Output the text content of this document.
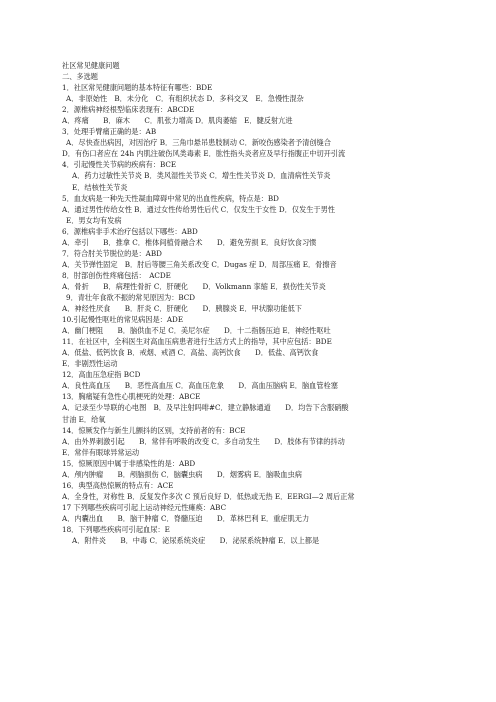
社区常见健康问题
二、多选题
1．社区常见健康问题的基本特征有哪些：BDE
A．非原始性　B．未分化　C．有组织状态 D．多科交叉　E．急慢性混杂
2．源椎病神经根型临床表现有：ABCDE
A．疼痛　　B．麻木　　C．肌张力增高 D．肌肉萎缩　E．腱反射亢进
3．处理手臂痛正确的是：AB
A．尽快查出病因，对因治疗 B．三角巾悬吊患肢制动 C．新咬伤感染者予清创缝合
D．有伤口者应在 24h 内肌注破伤风类毒素 E．肱性指头炎者应及早行指腹正中切开引流
4．引起慢性关节病的疾病有：BCE
A．药力过敏性关节炎 B．类风湿性关节炎 C．增生性关节炎 D．血清病性关节炎
E．结核性关节炎
5．血友病是一种先天性凝血障碍中常见的出血性疾病，特点是：BD
A．通过男性传给女性 B．通过女性传给男性后代 C．仅发生于女性 D．仅发生于男性
E．男女均有发病
6．源椎病非手术治疗包括以下哪些：ABD
A．牵引　　B．推拿 C．椎体间植骨融合术　　D．避免劳损 E．良好饮食习惯
7．符合肘关节脱位的是：ABD
A．关节弹性固定　B．肘后等腰三角关系改变 C．Dugas 症 D．局部压痛 E．骨擦音
8．肘部创伤性疼痛包括：　ACDE
A．骨折　　B．病理性骨折 C．肝硬化　　D．Volkmann 挛缩 E．损伤性关节炎
9．青壮年食欲不振的常见原因为：BCD
A．神经性厌食　　B．肝炎 C．肝硬化　　D．胰腺炎 E．甲状腺功能低下
10.引起慢性呕吐的常见病因是：ADE
A．幽门梗阻　　B．脑供血不足 C．美尼尔症　　D．十二指肠压迫 E．神经性呕吐
11．在社区中，全科医生对高血压病患者进行生活方式上的指导，其中应包括：BDE
A．低盐、低钙饮食 B．戒烟、戒酒 C．高盐、高钙饮食　　D．低盐、高钙饮食
E．非剧烈性运动
12．高血压急症指 BCD
A．良性高血压　　B．恶性高血压 C．高血压危象　　D．高血压脑病 E．脑血管栓塞
13．胸痛疑有急性心肌梗死的处理：ABCE
A．记录至少导联的心电图　B．及早注射吗啡#C．建立静脉通道　　D．均告下含服硝酸
甘油 E．给氧
14．惊厥发作与新生儿颤抖的区别，支持前者的有：BCE
A．由外界刺激引起　　B．常伴有呼吸的改变 C．多自动发生　　D．肢体有节律的抖动
E．常伴有眼球异常运动
15．惊厥原因中属于非感染性的是：ABD
A．颅内肿瘤　　B．颅脑损伤 C．脑囊虫病　　D．烟雾病 E．脑吸血虫病
16．典型高热惊厥的特点有：ACE
A．全身性，对称性 B．反复发作多次 C 预后良好 D．低热或无热 E．EERGI—2 周后正常
17 下列哪些疾病可引起上运动神经元性瘫痪：ABC
A．内囊出血　　B．脑干肿瘤 C．脊髓压迫　　D．革林巴利 E．重症肌无力
18．下列哪些疾病可引起血尿：E
A．附件炎　　B．中毒 C．泌尿系统炎症　　D．泌尿系统肿瘤 E．以上都是
